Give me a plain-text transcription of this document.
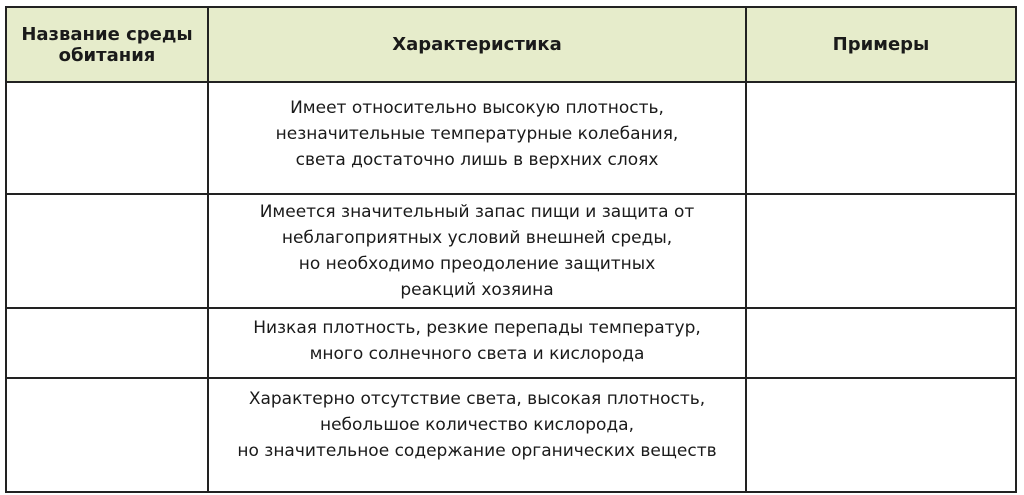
Название среды
обитания	Характеристика	Примеры

	Имеет относительно высокую плотность,
незначительные температурные колебания,
света достаточно лишь в верхних слоях	

	Имеется значительный запас пищи и защита от
неблагоприятных условий внешней среды,
но необходимо преодоление защитных
реакций хозяина	

	Низкая плотность, резкие перепады температур,
много солнечного света и кислорода	

	Характерно отсутствие света, высокая плотность,
небольшое количество кислорода,
но значительное содержание органических веществ	
